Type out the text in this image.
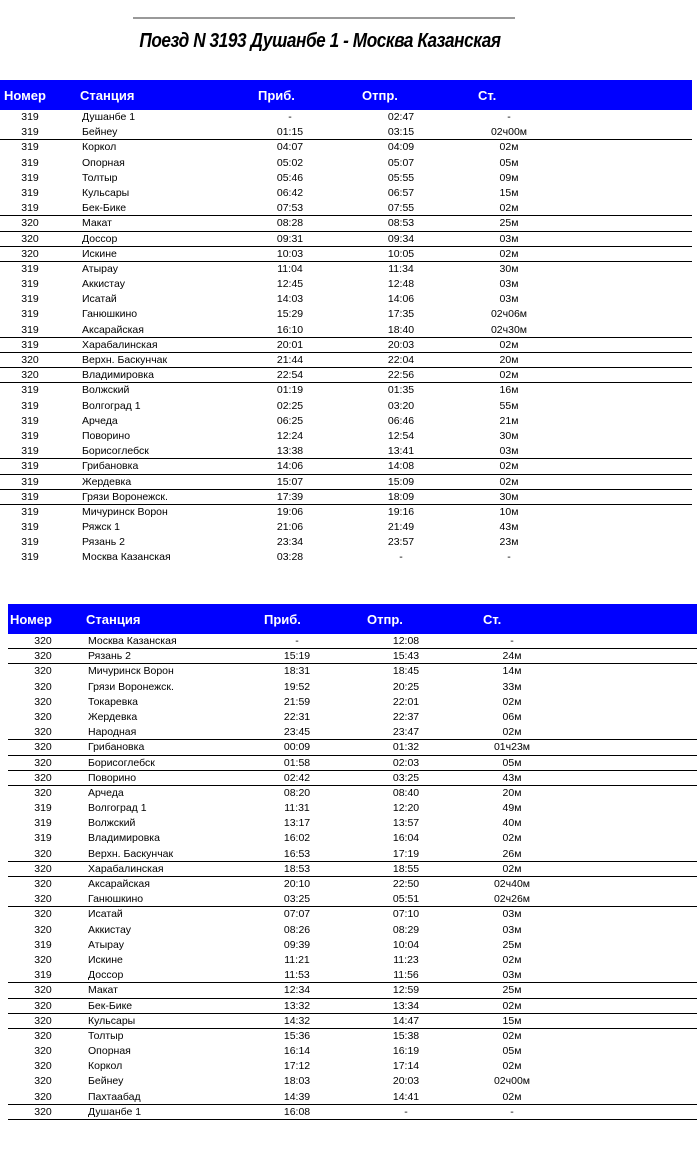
Поезд N 3193 Душанбе 1 - Москва Казанская
Номер	Станция	Приб.	Отпр.	Ст.
319	Душанбе 1	-	02:47	-
319	Бейнеу	01:15	03:15	02ч00м
319	Коркол	04:07	04:09	02м
319	Опорная	05:02	05:07	05м
319	Толтыр	05:46	05:55	09м
319	Кульсары	06:42	06:57	15м
319	Бек-Бике	07:53	07:55	02м
320	Макат	08:28	08:53	25м
320	Доссор	09:31	09:34	03м
320	Искине	10:03	10:05	02м
319	Атырау	11:04	11:34	30м
319	Аккистау	12:45	12:48	03м
319	Исатай	14:03	14:06	03м
319	Ганюшкино	15:29	17:35	02ч06м
319	Аксарайская	16:10	18:40	02ч30м
319	Харабалинская	20:01	20:03	02м
320	Верхн. Баскунчак	21:44	22:04	20м
320	Владимировка	22:54	22:56	02м
319	Волжский	01:19	01:35	16м
319	Волгоград 1	02:25	03:20	55м
319	Арчеда	06:25	06:46	21м
319	Поворино	12:24	12:54	30м
319	Борисоглебск	13:38	13:41	03м
319	Грибановка	14:06	14:08	02м
319	Жердевка	15:07	15:09	02м
319	Грязи Воронежск.	17:39	18:09	30м
319	Мичуринск Ворон	19:06	19:16	10м
319	Ряжск 1	21:06	21:49	43м
319	Рязань 2	23:34	23:57	23м
319	Москва Казанская	03:28	-	-
Номер	Станция	Приб.	Отпр.	Ст.
320	Москва Казанская	-	12:08	-
320	Рязань 2	15:19	15:43	24м
320	Мичуринск Ворон	18:31	18:45	14м
320	Грязи Воронежск.	19:52	20:25	33м
320	Токаревка	21:59	22:01	02м
320	Жердевка	22:31	22:37	06м
320	Народная	23:45	23:47	02м
320	Грибановка	00:09	01:32	01ч23м
320	Борисоглебск	01:58	02:03	05м
320	Поворино	02:42	03:25	43м
320	Арчеда	08:20	08:40	20м
319	Волгоград 1	11:31	12:20	49м
319	Волжский	13:17	13:57	40м
319	Владимировка	16:02	16:04	02м
320	Верхн. Баскунчак	16:53	17:19	26м
320	Харабалинская	18:53	18:55	02м
320	Аксарайская	20:10	22:50	02ч40м
320	Ганюшкино	03:25	05:51	02ч26м
320	Исатай	07:07	07:10	03м
320	Аккистау	08:26	08:29	03м
319	Атырау	09:39	10:04	25м
320	Искине	11:21	11:23	02м
319	Доссор	11:53	11:56	03м
320	Макат	12:34	12:59	25м
320	Бек-Бике	13:32	13:34	02м
320	Кульсары	14:32	14:47	15м
320	Толтыр	15:36	15:38	02м
320	Опорная	16:14	16:19	05м
320	Коркол	17:12	17:14	02м
320	Бейнеу	18:03	20:03	02ч00м
320	Пахтаабад	14:39	14:41	02м
320	Душанбе 1	16:08	-	-
